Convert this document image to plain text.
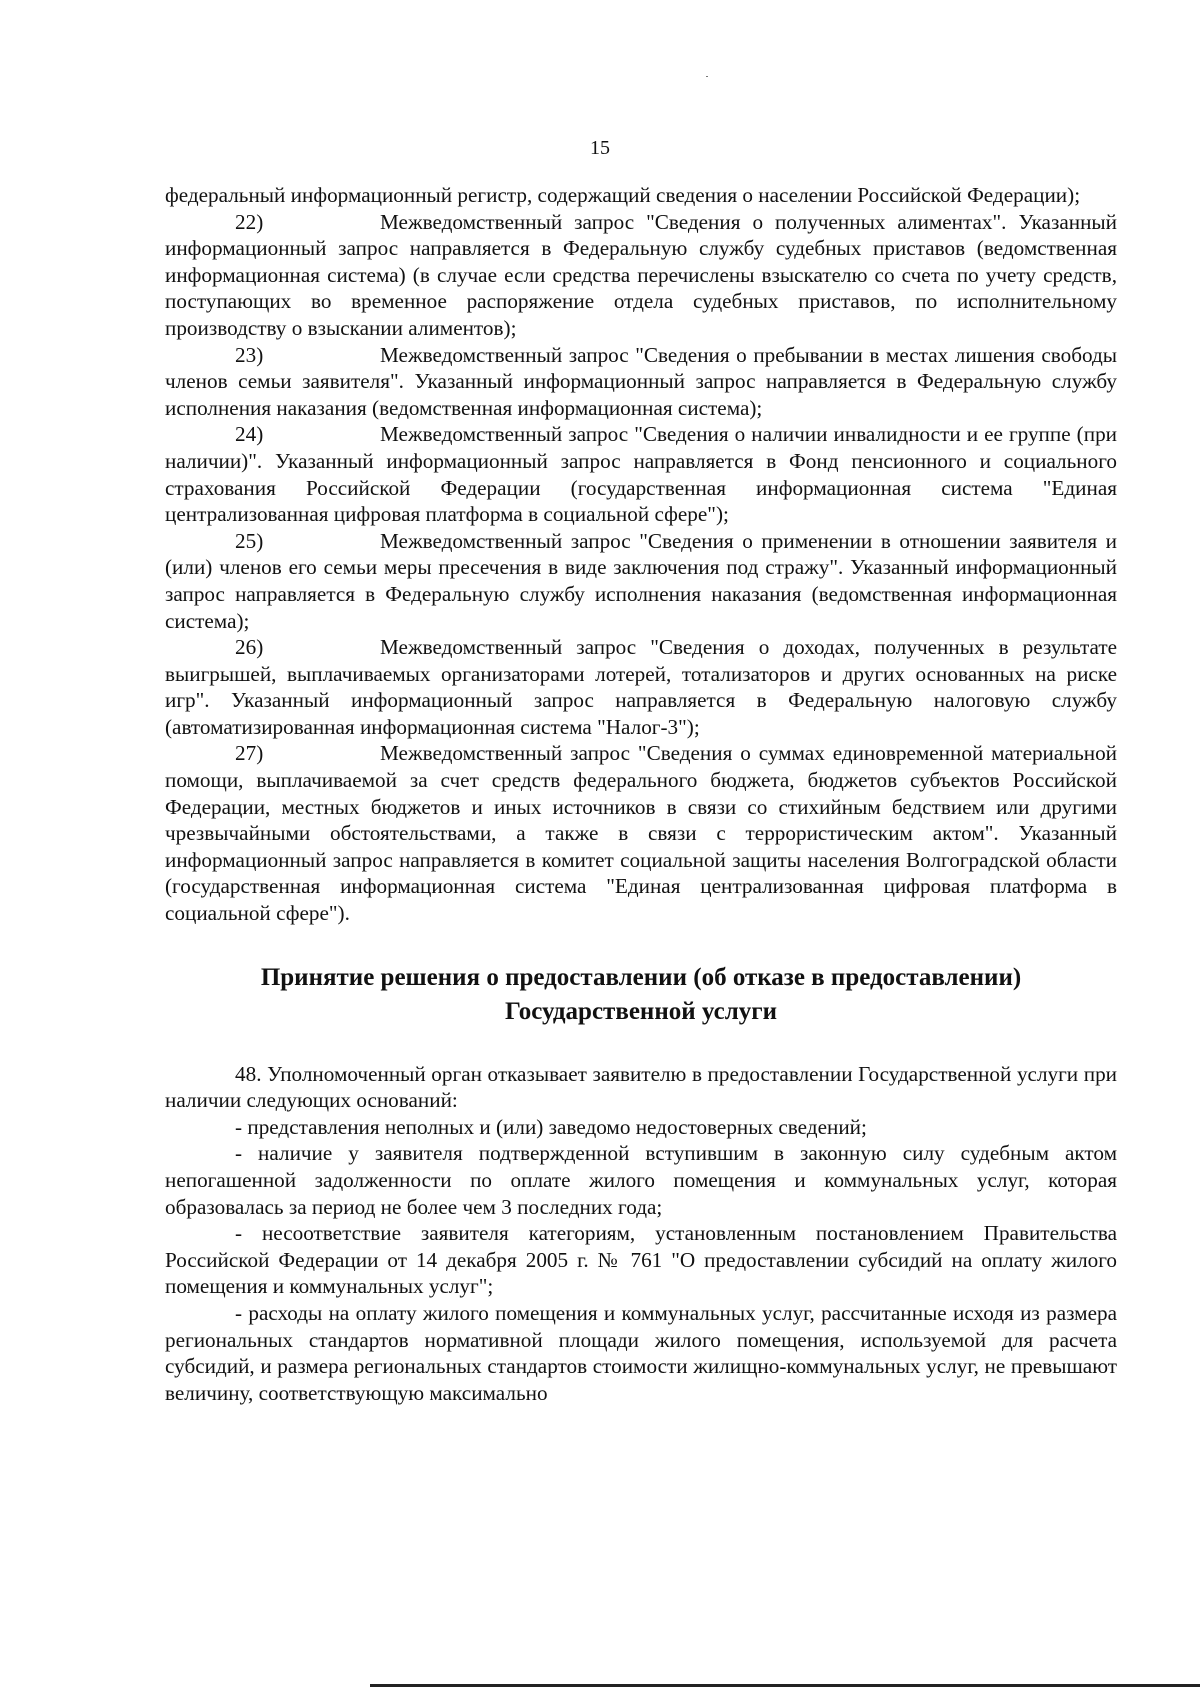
15

федеральный информационный регистр, содержащий сведения о населении Российской Федерации);

22)	Межведомственный запрос "Сведения о полученных алиментах". Указанный информационный запрос направляется в Федеральную службу судебных приставов (ведомственная информационная система) (в случае если средства перечислены взыскателю со счета по учету средств, поступающих во временное распоряжение отдела судебных приставов, по исполнительному производству о взыскании алиментов);

23)	Межведомственный запрос "Сведения о пребывании в местах лишения свободы членов семьи заявителя". Указанный информационный запрос направляется в Федеральную службу исполнения наказания (ведомственная информационная система);

24)	Межведомственный запрос "Сведения о наличии инвалидности и ее группе (при наличии)". Указанный информационный запрос направляется в Фонд пенсионного и социального страхования Российской Федерации (государственная информационная система "Единая централизованная цифровая платформа в социальной сфере");

25)	Межведомственный запрос "Сведения о применении в отношении заявителя и (или) членов его семьи меры пресечения в виде заключения под стражу". Указанный информационный запрос направляется в Федеральную службу исполнения наказания (ведомственная информационная система);

26)	Межведомственный запрос "Сведения о доходах, полученных в результате выигрышей, выплачиваемых организаторами лотерей, тотализаторов и других основанных на риске игр". Указанный информационный запрос направляется в Федеральную налоговую службу (автоматизированная информационная система "Налог-3");

27)	Межведомственный запрос "Сведения о суммах единовременной материальной помощи, выплачиваемой за счет средств федерального бюджета, бюджетов субъектов Российской Федерации, местных бюджетов и иных источников в связи со стихийным бедствием или другими чрезвычайными обстоятельствами, а также в связи с террористическим актом". Указанный информационный запрос направляется в комитет социальной защиты населения Волгоградской области (государственная информационная система "Единая централизованная цифровая платформа в социальной сфере").

Принятие решения о предоставлении (об отказе в предоставлении)
Государственной услуги

48. Уполномоченный орган отказывает заявителю в предоставлении Государственной услуги при наличии следующих оснований:

- представления неполных и (или) заведомо недостоверных сведений;

- наличие у заявителя подтвержденной вступившим в законную силу судебным актом непогашенной задолженности по оплате жилого помещения и коммунальных услуг, которая образовалась за период не более чем 3 последних года;

- несоответствие заявителя категориям, установленным постановлением Правительства Российской Федерации от 14 декабря 2005 г. № 761 "О предоставлении субсидий на оплату жилого помещения и коммунальных услуг";

- расходы на оплату жилого помещения и коммунальных услуг, рассчитанные исходя из размера региональных стандартов нормативной площади жилого помещения, используемой для расчета субсидий, и размера региональных стандартов стоимости жилищно-коммунальных услуг, не превышают величину, соответствующую максимально
